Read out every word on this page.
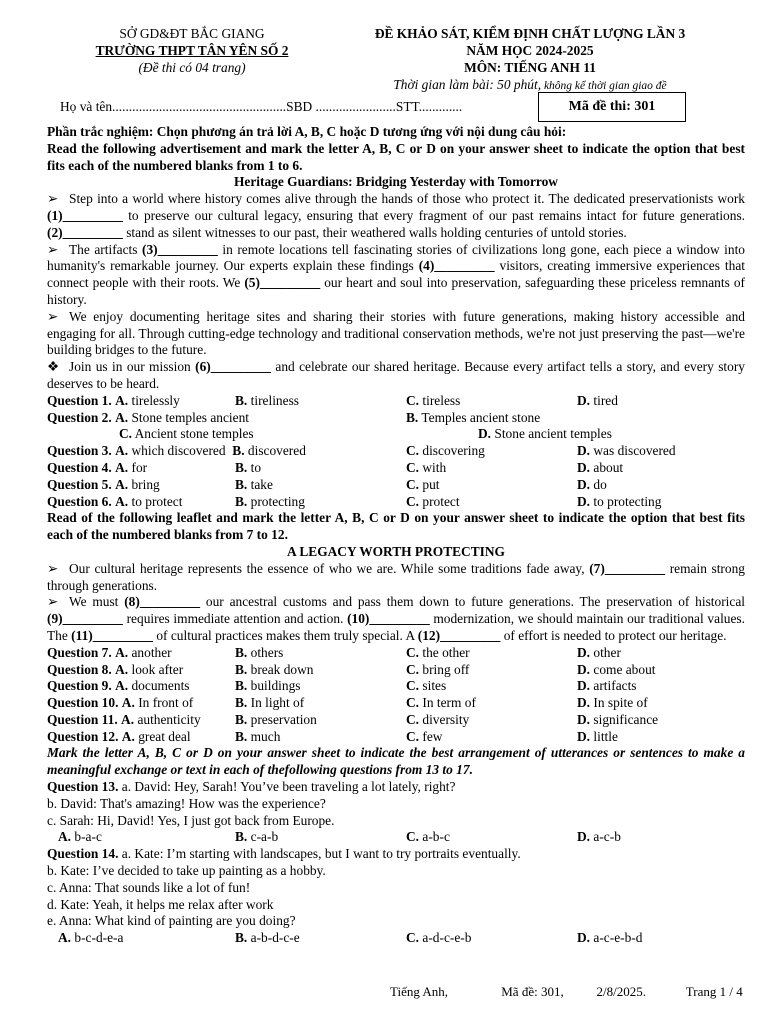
SỞ GD&ĐT BẮC GIANG
TRƯỜNG THPT TÂN YÊN SỐ 2
(Đề thi có 04 trang)
ĐỀ KHẢO SÁT, KIỂM ĐỊNH CHẤT LƯỢNG LẦN 3
NĂM HỌC 2024-2025
MÔN: TIẾNG ANH 11
Thời gian làm bài: 50 phút, không kể thời gian giao đề
Họ và tên....................................................SBD ........................STT.............	Mã đề thi: 301

Phần trắc nghiệm: Chọn phương án trả lời A, B, C hoặc D tương ứng với nội dung câu hỏi:

Read the following advertisement and mark the letter A, B, C or D on your answer sheet to indicate the option that best fits each of the numbered blanks from 1 to 6.

Heritage Guardians: Bridging Yesterday with Tomorrow

➢ Step into a world where history comes alive through the hands of those who protect it. The dedicated preservationists work (1)_________ to preserve our cultural legacy, ensuring that every fragment of our past remains intact for future generations. (2)_________ stand as silent witnesses to our past, their weathered walls holding centuries of untold stories.

➢ The artifacts (3)_________ in remote locations tell fascinating stories of civilizations long gone, each piece a window into humanity's remarkable journey. Our experts explain these findings (4)_________ visitors, creating immersive experiences that connect people with their roots. We (5)_________ our heart and soul into preservation, safeguarding these priceless remnants of history.

➢ We enjoy documenting heritage sites and sharing their stories with future generations, making history accessible and engaging for all. Through cutting-edge technology and traditional conservation methods, we're not just preserving the past—we're building bridges to the future.

❖ Join us in our mission (6)_________ and celebrate our shared heritage. Because every artifact tells a story, and every story deserves to be heard.

Question 1. A. tirelessly	B. tireliness	C. tireless	D. tired
Question 2. A. Stone temples ancient	B. Temples ancient stone
C. Ancient stone temples	D. Stone ancient temples
Question 3. A. which discovered B. discovered	C. discovering	D. was discovered
Question 4. A. for	B. to	C. with	D. about
Question 5. A. bring	B. take	C. put	D. do
Question 6. A. to protect	B. protecting	C. protect	D. to protecting

Read of the following leaflet and mark the letter A, B, C or D on your answer sheet to indicate the option that best fits each of the numbered blanks from 7 to 12.

A LEGACY WORTH PROTECTING

➢ Our cultural heritage represents the essence of who we are. While some traditions fade away, (7)_________ remain strong through generations.

➢ We must (8)_________ our ancestral customs and pass them down to future generations. The preservation of historical (9)_________ requires immediate attention and action. (10)_________ modernization, we should maintain our traditional values. The (11)_________ of cultural practices makes them truly special. A (12)_________ of effort is needed to protect our heritage.

Question 7. A. another	B. others	C. the other	D. other
Question 8. A. look after	B. break down	C. bring off	D. come about
Question 9. A. documents	B. buildings	C. sites	D. artifacts
Question 10. A. In front of	B. In light of	C. In term of	D. In spite of
Question 11. A. authenticity	B. preservation	C. diversity	D. significance
Question 12. A. great deal	B. much	C. few	D. little

Mark the letter A, B, C or D on your answer sheet to indicate the best arrangement of utterances or sentences to make a meaningful exchange or text in each of thefollowing questions from 13 to 17.

Question 13. a. David: Hey, Sarah! You’ve been traveling a lot lately, right?

b. David: That's amazing! How was the experience?

c. Sarah: Hi, David! Yes, I just got back from Europe.

A. b-a-c	B. c-a-b	C. a-b-c	D. a-c-b

Question 14. a. Kate: I’m starting with landscapes, but I want to try portraits eventually.

b. Kate: I’ve decided to take up painting as a hobby.

c. Anna: That sounds like a lot of fun!

d. Kate: Yeah, it helps me relax after work

e. Anna: What kind of painting are you doing?

A. b-c-d-e-a	B. a-b-d-c-e	C. a-d-c-e-b	D. a-c-e-b-d
Tiếng Anh,	Mã đề: 301,	2/8/2025.	Trang 1 / 4
